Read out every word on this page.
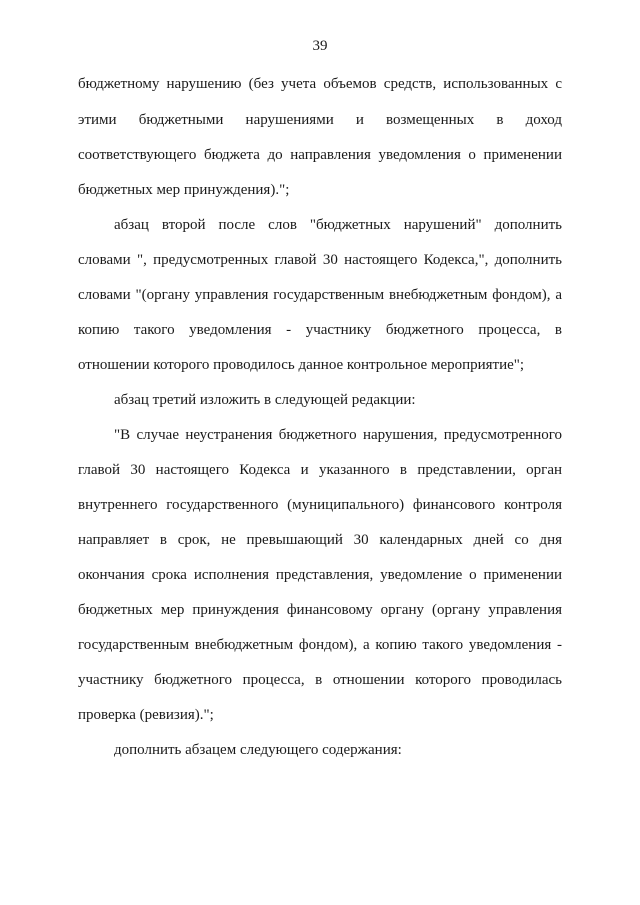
39
бюджетному нарушению (без учета объемов средств, использованных с
этими бюджетными нарушениями и возмещенных в доход
соответствующего бюджета до направления уведомления о применении
бюджетных мер принуждения).";
абзац второй после слов "бюджетных нарушений" дополнить
словами ", предусмотренных главой 30 настоящего Кодекса,", дополнить
словами "(органу управления государственным внебюджетным фондом), а
копию такого уведомления - участнику бюджетного процесса, в
отношении которого проводилось данное контрольное мероприятие";
абзац третий изложить в следующей редакции:
"В случае неустранения бюджетного нарушения, предусмотренного
главой 30 настоящего Кодекса и указанного в представлении, орган
внутреннего государственного (муниципального) финансового контроля
направляет в срок, не превышающий 30 календарных дней со дня
окончания срока исполнения представления, уведомление о применении
бюджетных мер принуждения финансовому органу (органу управления
государственным внебюджетным фондом), а копию такого уведомления -
участнику бюджетного процесса, в отношении которого проводилась
проверка (ревизия).";
дополнить абзацем следующего содержания:
